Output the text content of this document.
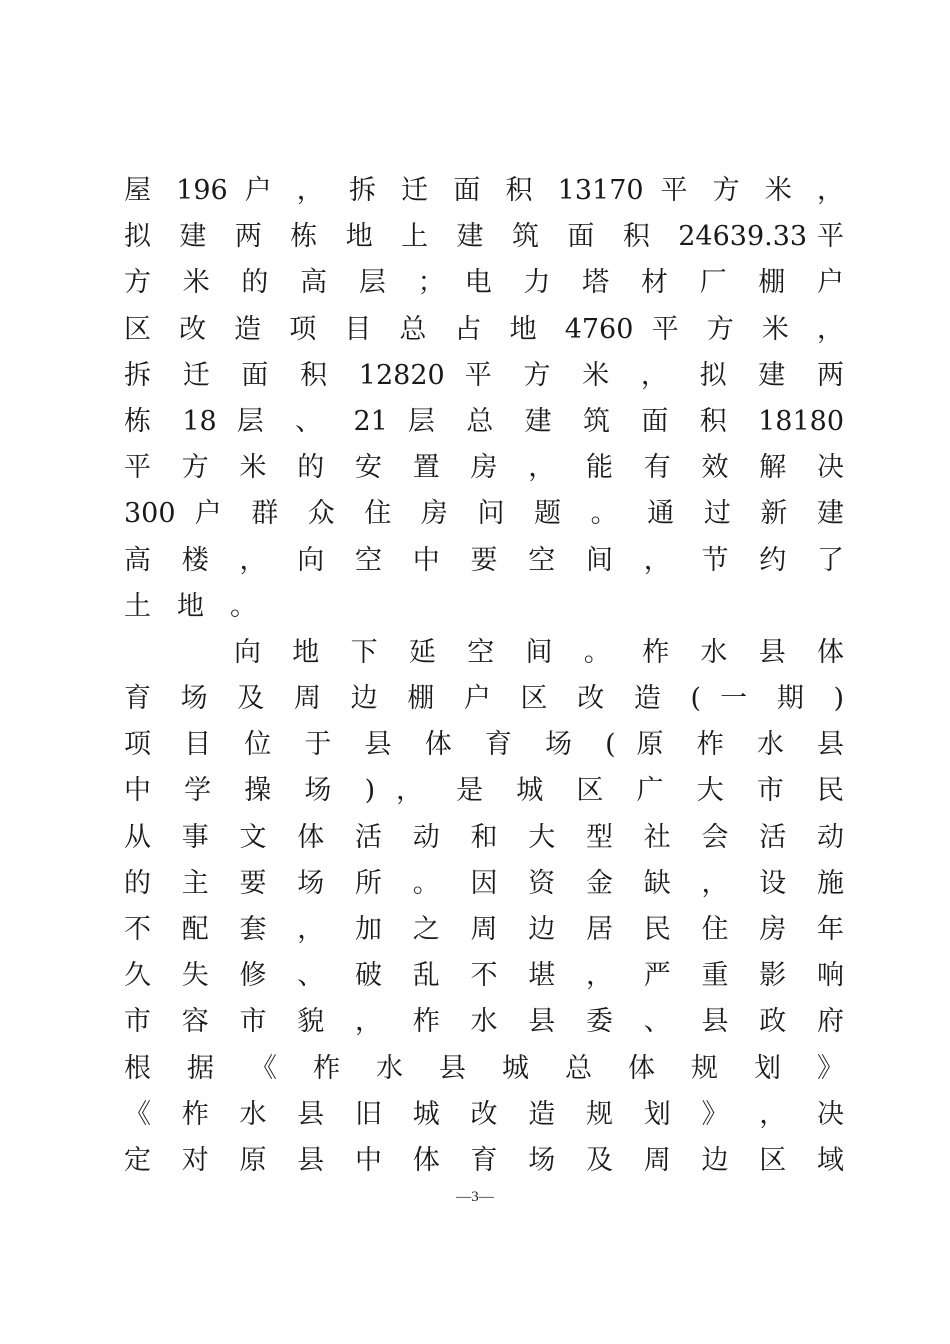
屋 196 户 ， 拆 迁 面 积 13170 平 方 米 ，
拟 建 两 栋 地 上 建 筑 面 积 24639.33平
方 米 的 高 层 ； 电 力 塔 材 厂 棚 户
区 改 造 项 目 总 占 地 4760 平 方 米 ，
拆 迁 面 积 12820 平 方 米 ， 拟 建 两
栋 18 层 、 21 层 总 建 筑 面 积 18180
平 方 米 的 安 置 房 ， 能 有 效 解 决
300 户 群 众 住 房 问 题 。 通 过 新 建
高 楼 ， 向 空 中 要 空 间 ， 节 约 了
土地。
向 地 下 延 空 间 。 柞 水 县 体
育 场 及 周 边 棚 户 区 改 造 ( 一 期 )
项 目 位 于 县 体 育 场 ( 原 柞 水 县
中 学 操 场 ) ， 是 城 区 广 大 市 民
从 事 文 体 活 动 和 大 型 社 会 活 动
的 主 要 场 所 。 因 资 金 缺 ， 设 施
不 配 套 ， 加 之 周 边 居 民 住 房 年
久 失 修 、 破 乱 不 堪 ， 严 重 影 响
市 容 市 貌 ， 柞 水 县 委 、 县 政 府
根 据 《 柞 水 县 城 总 体 规 划 》
《 柞 水 县 旧 城 改 造 规 划 》 ， 决
定 对 原 县 中 体 育 场 及 周 边 区 域
—3—
